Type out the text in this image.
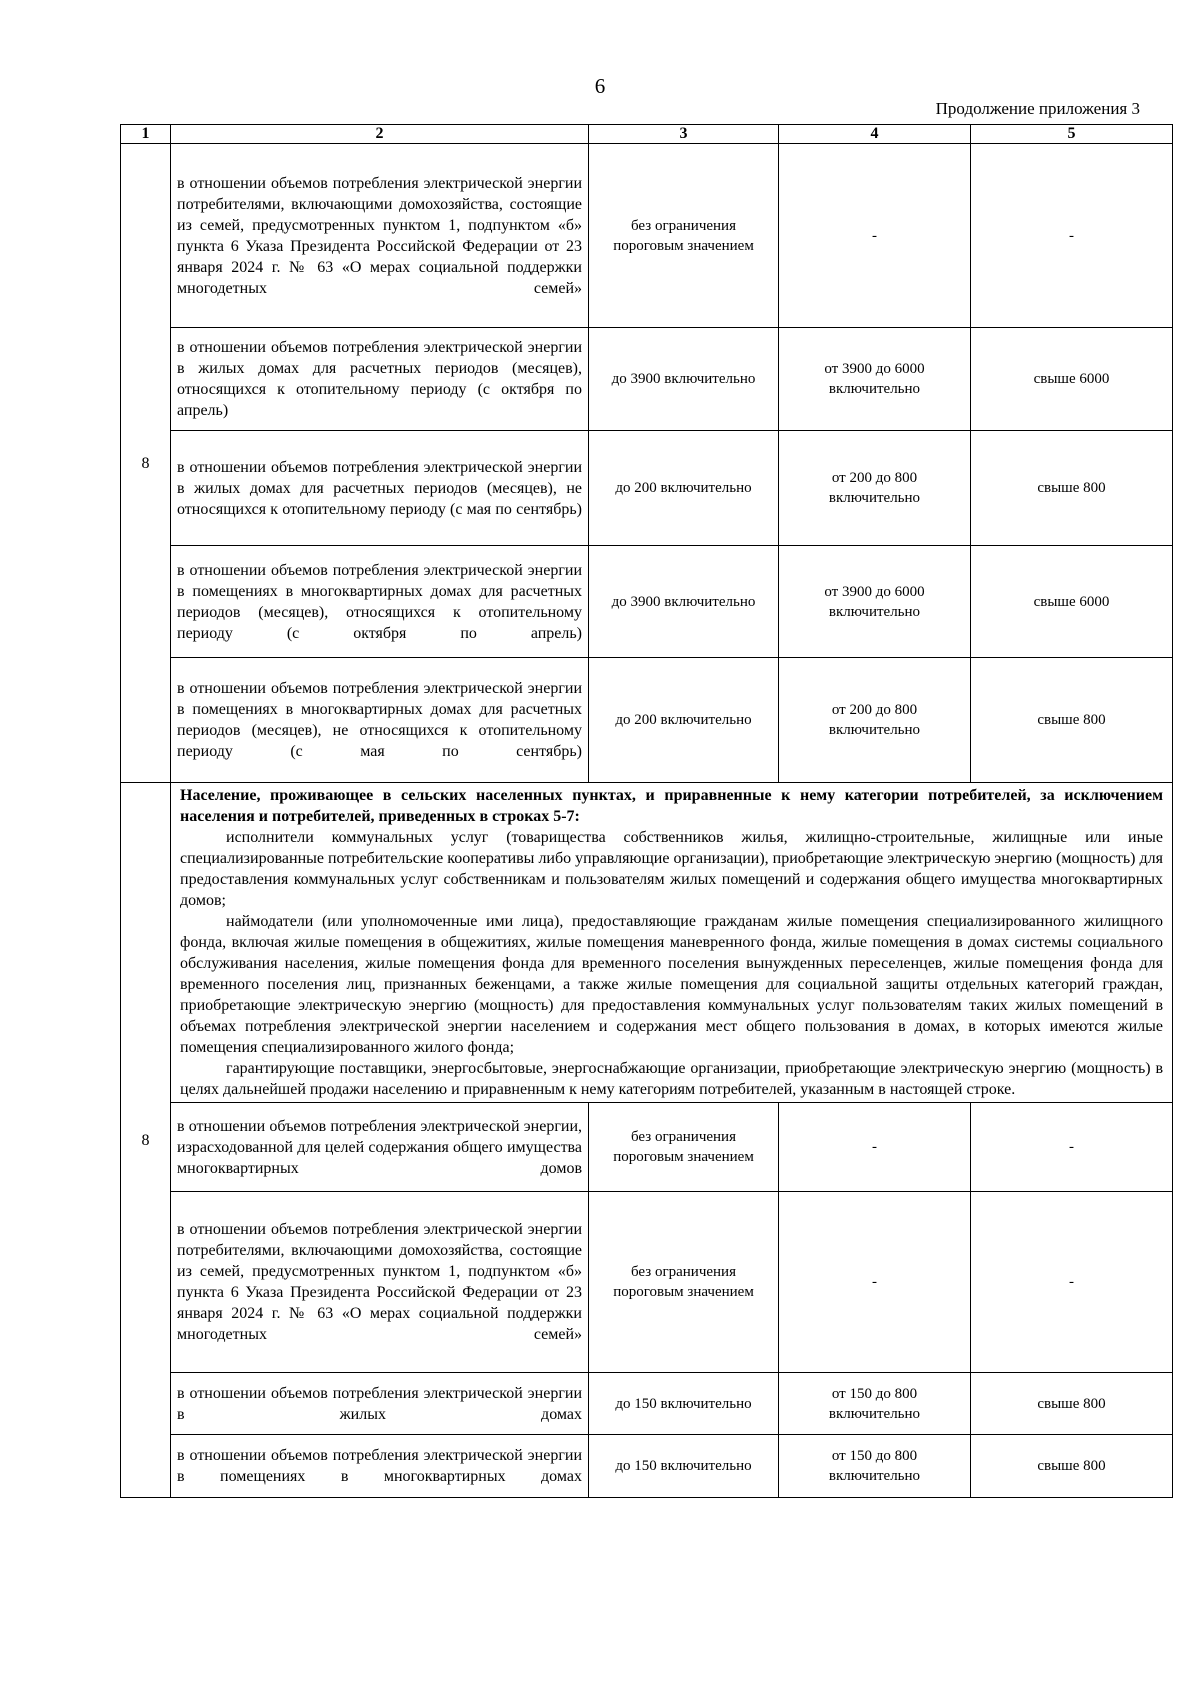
6
Продолжение приложения 3
1	2	3	4	5
8	в отношении объемов потребления электрической энергии потребителями, включающими домохозяйства, состоящие из семей, предусмотренных пунктом 1, подпунктом «б» пункта 6 Указа Президента Российской Федерации от 23 января 2024 г. № 63 «О мерах социальной поддержки многодетных семей»	без ограничения пороговым значением	-	-
	в отношении объемов потребления электрической энергии в жилых домах для расчетных периодов (месяцев), относящихся к отопительному периоду (с октября по апрель)	до 3900 включительно	от 3900 до 6000 включительно	свыше 6000
	в отношении объемов потребления электрической энергии в жилых домах для расчетных периодов (месяцев), не относящихся к отопительному периоду (с мая по сентябрь)	до 200 включительно	от 200 до 800 включительно	свыше 800
	в отношении объемов потребления электрической энергии в помещениях в многоквартирных домах для расчетных периодов (месяцев), относящихся к отопительному периоду (с октября по апрель)	до 3900 включительно	от 3900 до 6000 включительно	свыше 6000
	в отношении объемов потребления электрической энергии в помещениях в многоквартирных домах для расчетных периодов (месяцев), не относящихся к отопительному периоду (с мая по сентябрь)	до 200 включительно	от 200 до 800 включительно	свыше 800
8	Население, проживающее в сельских населенных пунктах, и приравненные к нему категории потребителей, за исключением населения и потребителей, приведенных в строках 5-7:
исполнители коммунальных услуг (товарищества собственников жилья, жилищно-строительные, жилищные или иные специализированные потребительские кооперативы либо управляющие организации), приобретающие электрическую энергию (мощность) для предоставления коммунальных услуг собственникам и пользователям жилых помещений и содержания общего имущества многоквартирных домов;
наймодатели (или уполномоченные ими лица), предоставляющие гражданам жилые помещения специализированного жилищного фонда, включая жилые помещения в общежитиях, жилые помещения маневренного фонда, жилые помещения в домах системы социального обслуживания населения, жилые помещения фонда для временного поселения вынужденных переселенцев, жилые помещения фонда для временного поселения лиц, признанных беженцами, а также жилые помещения для социальной защиты отдельных категорий граждан, приобретающие электрическую энергию (мощность) для предоставления коммунальных услуг пользователям таких жилых помещений в объемах потребления электрической энергии населением и содержания мест общего пользования в домах, в которых имеются жилые помещения специализированного жилого фонда;
гарантирующие поставщики, энергосбытовые, энергоснабжающие организации, приобретающие электрическую энергию (мощность) в целях дальнейшей продажи населению и приравненным к нему категориям потребителей, указанным в настоящей строке.			

	в отношении объемов потребления электрической энергии, израсходованной для целей содержания общего имущества многоквартирных домов	без ограничения пороговым значением	-	-
	в отношении объемов потребления электрической энергии потребителями, включающими домохозяйства, состоящие из семей, предусмотренных пунктом 1, подпунктом «б» пункта 6 Указа Президента Российской Федерации от 23 января 2024 г. № 63 «О мерах социальной поддержки многодетных семей»	без ограничения пороговым значением	-	-
	в отношении объемов потребления электрической энергии в жилых домах	до 150 включительно	от 150 до 800 включительно	свыше 800
	в отношении объемов потребления электрической энергии в помещениях в многоквартирных домах	до 150 включительно	от 150 до 800 включительно	свыше 800
